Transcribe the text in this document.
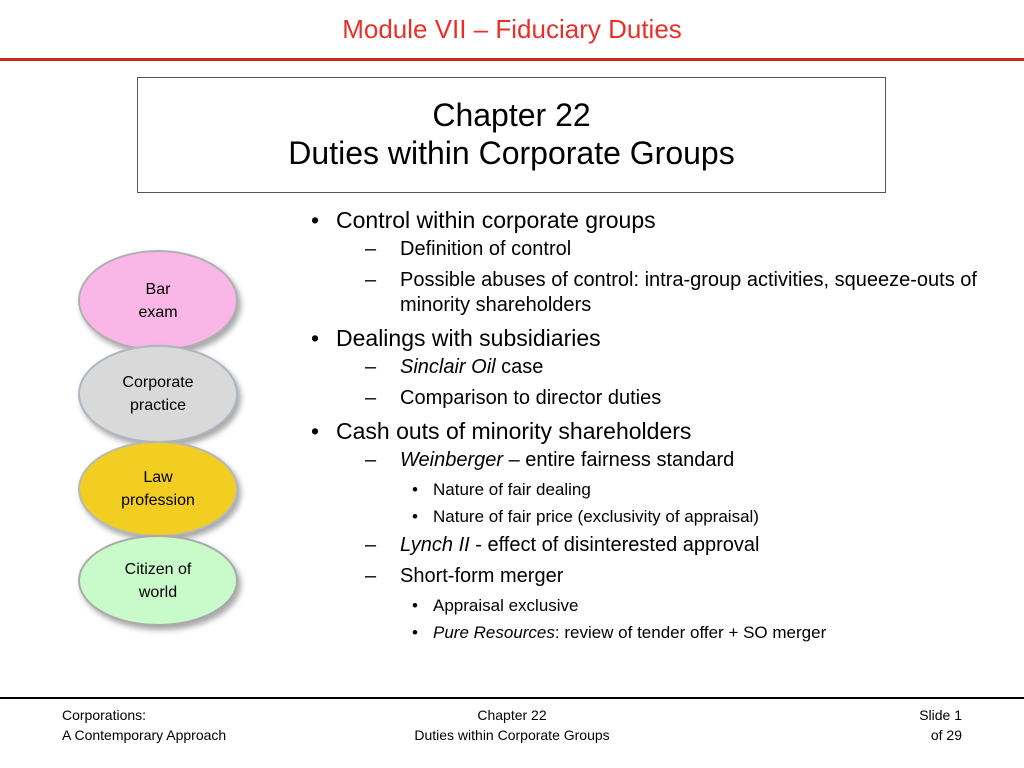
Module VII – Fiduciary Duties
Chapter 22
Duties within Corporate Groups
Bar
exam
Corporate
practice
Law
profession
Citizen of
world
• Control within corporate groups
– Definition of control
– Possible abuses of control: intra-group activities, squeeze-outs of minority shareholders
• Dealings with subsidiaries
– Sinclair Oil case
– Comparison to director duties
• Cash outs of minority shareholders
– Weinberger – entire fairness standard
• Nature of fair dealing
• Nature of fair price (exclusivity of appraisal)
– Lynch II - effect of disinterested approval
– Short-form merger
• Appraisal exclusive
• Pure Resources: review of tender offer + SO merger
Corporations:
A Contemporary Approach
Chapter 22
Duties within Corporate Groups
Slide 1
of 29
